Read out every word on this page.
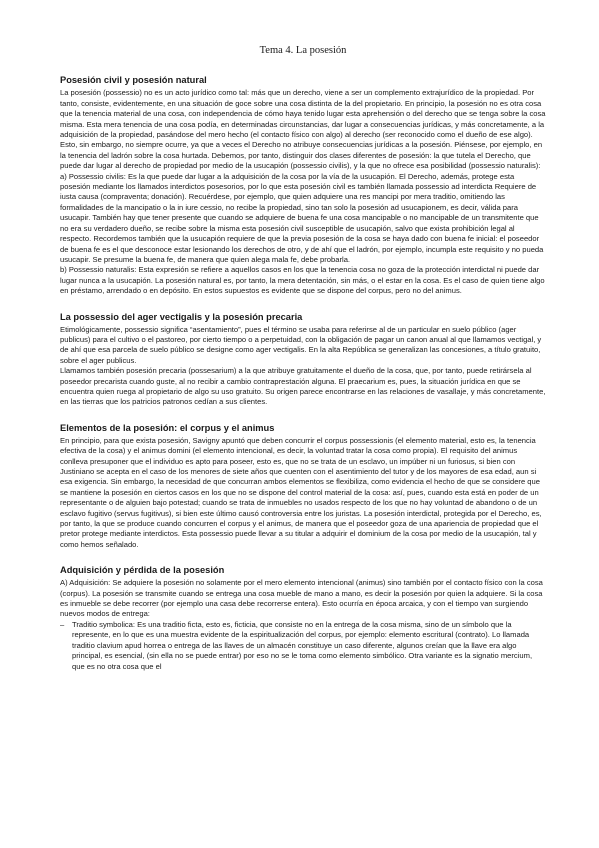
Tema 4. La posesión
Posesión civil y posesión natural

La posesión (possessio) no es un acto jurídico como tal: más que un derecho, viene a ser un complemento extrajurídico de la propiedad. Por tanto, consiste, evidentemente, en una situación de goce sobre una cosa distinta de la del propietario. En principio, la posesión no es otra cosa que la tenencia material de una cosa, con independencia de cómo haya tenido lugar esta aprehensión o del derecho que se tenga sobre la cosa misma. Esta mera tenencia de una cosa podía, en determinadas circunstancias, dar lugar a consecuencias jurídicas, y más concretamente, a la adquisición de la propiedad, pasándose del mero hecho (el contacto físico con algo) al derecho (ser reconocido como el dueño de ese algo). Esto, sin embargo, no siempre ocurre, ya que a veces el Derecho no atribuye consecuencias jurídicas a la posesión. Piénsese, por ejemplo, en la tenencia del ladrón sobre la cosa hurtada. Debemos, por tanto, distinguir dos clases diferentes de posesión: la que tutela el Derecho, que puede dar lugar al derecho de propiedad por medio de la usucapión (possessio civilis), y la que no ofrece esa posibilidad (possessio naturalis):

a) Possessio civilis: Es la que puede dar lugar a la adquisición de la cosa por la vía de la usucapión. El Derecho, además, protege esta posesión mediante los llamados interdictos posesorios, por lo que esta posesión civil es también llamada possessio ad interdicta Requiere de iusta causa (compraventa; donación). Recuérdese, por ejemplo, que quien adquiere una res mancipi por mera traditio, omitiendo las formalidades de la mancipatio o la in iure cessio, no recibe la propiedad, sino tan solo la posesión ad usucapionem, es decir, válida para usucapir. También hay que tener presente que cuando se adquiere de buena fe una cosa mancipable o no mancipable de un transmitente que no era su verdadero dueño, se recibe sobre la misma esta posesión civil susceptible de usucapión, salvo que exista prohibición legal al respecto. Recordemos también que la usucapión requiere de que la previa posesión de la cosa se haya dado con buena fe inicial: el poseedor de buena fe es el que desconoce estar lesionando los derechos de otro, y de ahí que el ladrón, por ejemplo, incumpla este requisito y no pueda usucapir. Se presume la buena fe, de manera que quien alega mala fe, debe probarla.

b) Possessio naturalis: Esta expresión se refiere a aquellos casos en los que la tenencia cosa no goza de la protección interdictal ni puede dar lugar nunca a la usucapión. La posesión natural es, por tanto, la mera detentación, sin más, o el estar en la cosa. Es el caso de quien tiene algo en préstamo, arrendado o en depósito. En estos supuestos es evidente que se dispone del corpus, pero no del animus.

La possessio del ager vectigalis y la posesión precaria

Etimológicamente, possessio significa “asentamiento”, pues el término se usaba para referirse al de un particular en suelo público (ager publicus) para el cultivo o el pastoreo, por cierto tiempo o a perpetuidad, con la obligación de pagar un canon anual al que llamamos vectigal, y de ahí que esa parcela de suelo público se designe como ager vectigalis. En la alta República se generalizan las concesiones, a título gratuito, sobre el ager publicus.

Llamamos también posesión precaria (possesarium) a la que atribuye gratuitamente el dueño de la cosa, que, por tanto, puede retirársela al poseedor precarista cuando guste, al no recibir a cambio contraprestación alguna. El praecarium es, pues, la situación jurídica en que se encuentra quien ruega al propietario de algo su uso gratuito. Su origen parece encontrarse en las relaciones de vasallaje, y más concretamente, en las tierras que los patricios patronos cedían a sus clientes.

Elementos de la posesión: el corpus y el animus

En principio, para que exista posesión, Savigny apuntó que deben concurrir el corpus possessionis (el elemento material, esto es, la tenencia efectiva de la cosa) y el animus domini (el elemento intencional, es decir, la voluntad tratar la cosa como propia). El requisito del animus conlleva presuponer que el individuo es apto para poseer, esto es, que no se trata de un esclavo, un impúber ni un furiosus, si bien con Justiniano se acepta en el caso de los menores de siete años que cuenten con el asentimiento del tutor y de los mayores de esa edad, aun si esa exigencia. Sin embargo, la necesidad de que concurran ambos elementos se flexibiliza, como evidencia el hecho de que se considere que se mantiene la posesión en ciertos casos en los que no se dispone del control material de la cosa: así, pues, cuando esta está en poder de un representante o de alguien bajo potestad; cuando se trata de inmuebles no usados respecto de los que no hay voluntad de abandono o de un esclavo fugitivo (servus fugitivus), si bien este último causó controversia entre los juristas. La posesión interdictal, protegida por el Derecho, es, por tanto, la que se produce cuando concurren el corpus y el animus, de manera que el poseedor goza de una apariencia de propiedad que el pretor protege mediante interdictos. Esta possessio puede llevar a su titular a adquirir el dominium de la cosa por medio de la usucapión, tal y como hemos señalado.

Adquisición y pérdida de la posesión

A) Adquisición: Se adquiere la posesión no solamente por el mero elemento intencional (animus) sino también por el contacto físico con la cosa (corpus). La posesión se transmite cuando se entrega una cosa mueble de mano a mano, es decir la posesión por quien la adquiere. Si la cosa es inmueble se debe recorrer (por ejemplo una casa debe recorrerse entera). Esto ocurría en época arcaica, y con el tiempo van surgiendo nuevos modos de entrega:

– Traditio symbolica: Es una traditio ficta, esto es, ficticia, que consiste no en la entrega de la cosa misma, sino de un símbolo que la represente, en lo que es una muestra evidente de la espiritualización del corpus, por ejemplo: elemento escritural (contrato). Lo llamada traditio clavium apud horrea o entrega de las llaves de un almacén constituye un caso diferente, algunos creían que la llave era algo principal, es esencial, (sin ella no se puede entrar) por eso no se le toma como elemento simbólico. Otra variante es la signatio mercium, que es no otra cosa que el
